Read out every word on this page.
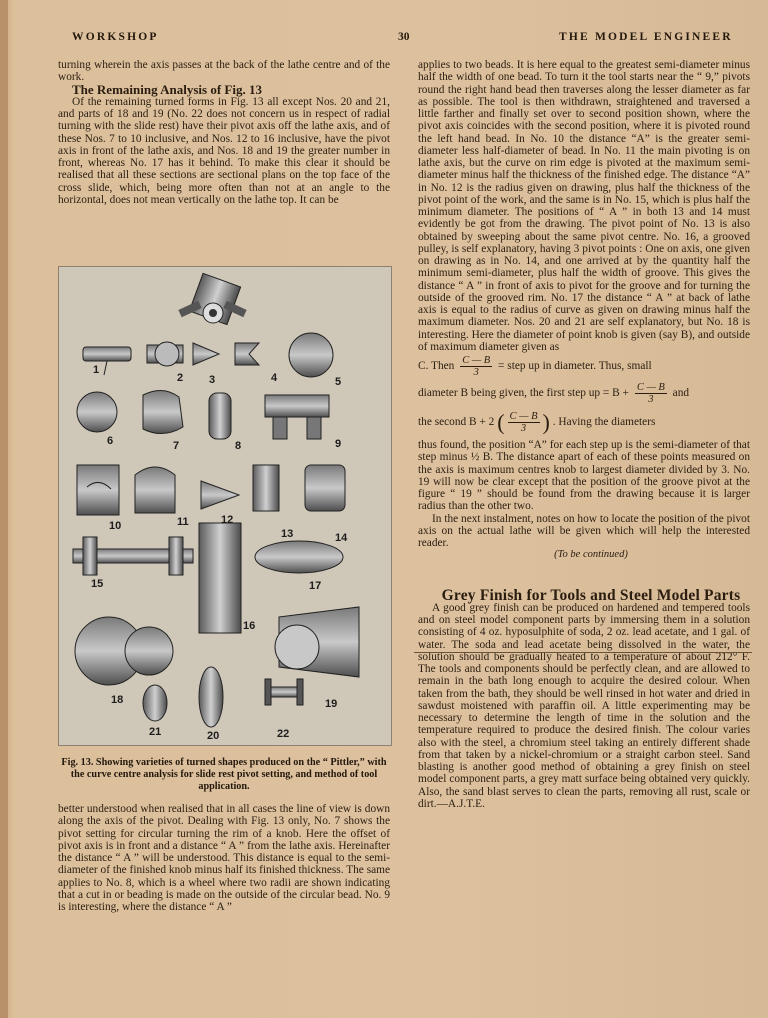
WORKSHOP	30	THE MODEL ENGINEER

turning wherein the axis passes at the back of the lathe centre and of the work.

The Remaining Analysis of Fig. 13

Of the remaining turned forms in Fig. 13 all except Nos. 20 and 21, and parts of 18 and 19 (No. 22 does not concern us in respect of radial turning with the slide rest) have their pivot axis off the lathe axis, and of these Nos. 7 to 10 inclusive, and Nos. 12 to 16 inclusive, have the pivot axis in front of the lathe axis, and Nos. 18 and 19 the greater number in front, whereas No. 17 has it behind. To make this clear it should be realised that all these sections are sectional plans on the top face of the cross slide, which, being more often than not at an angle to the horizontal, does not mean vertically on the lathe top. It can be

1
2 3	4	5
6	7	8	9
10	11	12
13	14
15
16
17
18	19
20
21	22
Fig. 13. Showing varieties of turned shapes produced on the “ Pittler,” with the curve centre analysis for slide rest pivot setting, and method of tool application.

better understood when realised that in all cases the line of view is down along the axis of the pivot. Dealing with Fig. 13 only, No. 7 shows the pivot setting for circular turning the rim of a knob. Here the offset of pivot axis is in front and a distance “ A ” from the lathe axis. Hereinafter the distance “ A ” will be understood. This distance is equal to the semi-diameter of the finished knob minus half its finished thickness. The same applies to No. 8, which is a wheel where two radii are shown indicating that a cut in or beading is made on the outside of the circular bead. No. 9 is interesting, where the distance “ A ”

applies to two beads. It is here equal to the greatest semi-diameter minus half the width of one bead. To turn it the tool starts near the “ 9,” pivots round the right hand bead then traverses along the lesser diameter as far as possible. The tool is then withdrawn, straightened and traversed a little farther and finally set over to second position shown, where the pivot axis coincides with the second position, where it is pivoted round the left hand bead. In No. 10 the distance “A” is the greater semi-diameter less half-diameter of bead. In No. 11 the main pivoting is on lathe axis, but the curve on rim edge is pivoted at the maximum semi-diameter minus half the thickness of the finished edge. The distance “A” in No. 12 is the radius given on drawing, plus half the thickness of the pivot point of the work, and the same is in No. 15, which is plus half the minimum diameter. The positions of “ A ” in both 13 and 14 must evidently be got from the drawing. The pivot point of No. 13 is also obtained by sweeping about the same pivot centre. No. 16, a grooved pulley, is self explanatory, having 3 pivot points : One on axis, one given on drawing as in No. 14, and one arrived at by the quantity half the minimum semi-diameter, plus half the width of groove. This gives the distance “ A ” in front of axis to pivot for the groove and for turning the outside of the grooved rim. No. 17 the distance “ A ” at back of lathe axis is equal to the radius of curve as given on drawing minus half the maximum diameter. Nos. 20 and 21 are self explanatory, but No. 18 is interesting. Here the diameter of point knob is given (say B), and outside of maximum diameter given as

C. Then $\frac{C — B}{3}$ = step up in diameter. Thus, small
diameter B being given, the first step up = $B + \frac{C — B}{3}$ and
the second B + 2 ( $\frac{C — B}{3}$ ) . Having the diameters

thus found, the position “A” for each step up is the semi-diameter of that step minus ½ B. The distance apart of each of these points measured on the axis is maximum centres knob to largest diameter divided by 3. No. 19 will now be clear except that the position of the groove pivot at the figure “ 19 ” should be found from the drawing because it is larger radius than the other two.

In the next instalment, notes on how to locate the position of the pivot axis on the actual lathe will be given which will help the interested reader.

(To be continued)

Grey Finish for Tools and Steel Model Parts

A good grey finish can be produced on hardened and tempered tools and on steel model component parts by immersing them in a solution consisting of 4 oz. hyposulphite of soda, 2 oz. lead acetate, and 1 gal. of water. The soda and lead acetate being dissolved in the water, the solution should be gradually heated to a temperature of about 212° F. The tools and components should be perfectly clean, and are allowed to remain in the bath long enough to acquire the desired colour. When taken from the bath, they should be well rinsed in hot water and dried in sawdust moistened with paraffin oil. A little experimenting may be necessary to determine the length of time in the solution and the temperature required to produce the desired finish. The colour varies also with the steel, a chromium steel taking an entirely different shade from that taken by a nickel-chromium or a straight carbon steel. Sand blasting is another good method of obtaining a grey finish on steel model component parts, a grey matt surface being obtained very quickly. Also, the sand blast serves to clean the parts, removing all rust, scale or dirt.—A.J.T.E.
